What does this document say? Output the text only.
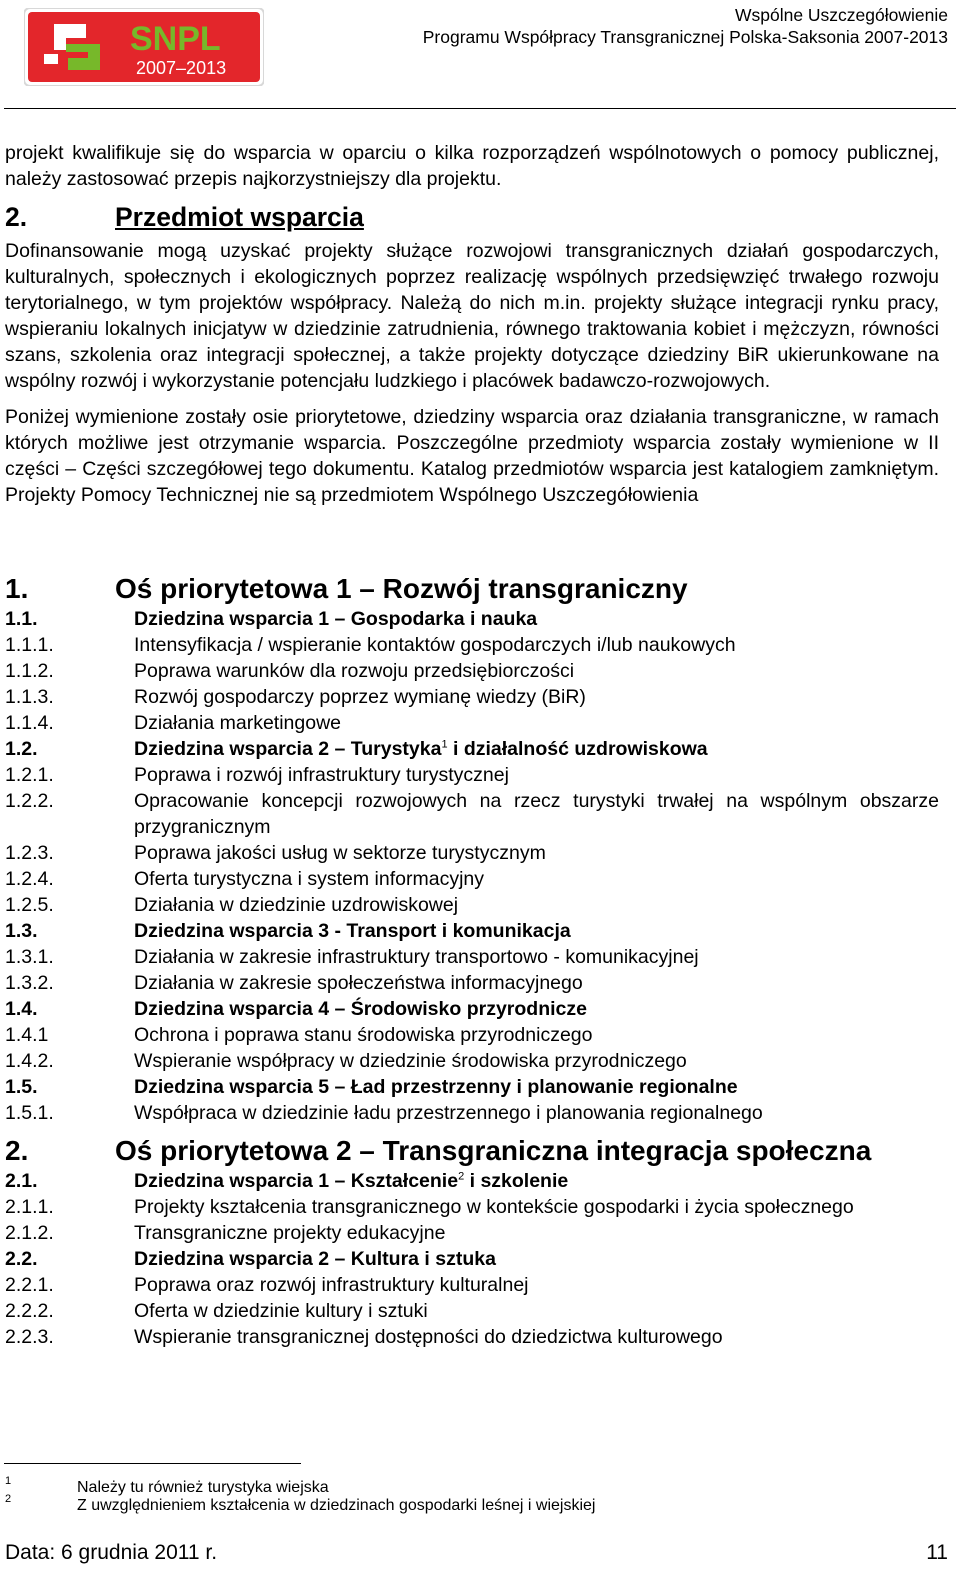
SNPL
2007–2013
Wspólne Uszczegółowienie
Programu Współpracy Transgranicznej Polska-Saksonia 2007-2013

projekt kwalifikuje się do wsparcia w oparciu o kilka rozporządzeń wspólnotowych o pomocy publicznej, należy zastosować przepis najkorzystniejszy dla projektu.

2.	Przedmiot wsparcia

Dofinansowanie mogą uzyskać projekty służące rozwojowi transgranicznych działań gospodarczych, kulturalnych, społecznych i ekologicznych poprzez realizację wspólnych przedsięwzięć trwałego rozwoju terytorialnego, w tym projektów współpracy. Należą do nich m.in. projekty służące integracji rynku pracy, wspieraniu lokalnych inicjatyw w dziedzinie zatrudnienia, równego traktowania kobiet i mężczyzn, równości szans, szkolenia oraz integracji społecznej, a także projekty dotyczące dziedziny BiR ukierunkowane na wspólny rozwój i wykorzystanie potencjału ludzkiego i placówek badawczo-rozwojowych.

Poniżej wymienione zostały osie priorytetowe, dziedziny wsparcia oraz działania transgraniczne, w ramach których możliwe jest otrzymanie wsparcia. Poszczególne przedmioty wsparcia zostały wymienione w II części – Części szczegółowej tego dokumentu. Katalog przedmiotów wsparcia jest katalogiem zamkniętym. Projekty Pomocy Technicznej nie są przedmiotem Wspólnego Uszczegółowienia

1.	Oś priorytetowa 1 – Rozwój transgraniczny
1.1.	Dziedzina wsparcia 1 – Gospodarka i nauka
1.1.1.	Intensyfikacja / wspieranie kontaktów gospodarczych i/lub naukowych
1.1.2.	Poprawa warunków dla rozwoju przedsiębiorczości
1.1.3.	Rozwój gospodarczy poprzez wymianę wiedzy (BiR)
1.1.4.	Działania marketingowe
1.2.	Dziedzina wsparcia 2 – Turystyka$^1$ i działalność uzdrowiskowa
1.2.1.	Poprawa i rozwój infrastruktury turystycznej
1.2.2.	Opracowanie koncepcji rozwojowych na rzecz turystyki trwałej na wspólnym obszarze przygranicznym
1.2.3.	Poprawa jakości usług w sektorze turystycznym
1.2.4.	Oferta turystyczna i system informacyjny
1.2.5.	Działania w dziedzinie uzdrowiskowej
1.3.	Dziedzina wsparcia 3 - Transport i komunikacja
1.3.1.	Działania w zakresie infrastruktury transportowo - komunikacyjnej
1.3.2.	Działania w zakresie społeczeństwa informacyjnego
1.4.	Dziedzina wsparcia 4 – Środowisko przyrodnicze
1.4.1	Ochrona i poprawa stanu środowiska przyrodniczego
1.4.2.	Wspieranie współpracy w dziedzinie środowiska przyrodniczego
1.5.	Dziedzina wsparcia 5 – Ład przestrzenny i planowanie regionalne
1.5.1.	Współpraca w dziedzinie ładu przestrzennego i planowania regionalnego
2.	Oś priorytetowa 2 – Transgraniczna integracja społeczna
2.1.	Dziedzina wsparcia 1 – Kształcenie$^2$ i szkolenie
2.1.1.	Projekty kształcenia transgranicznego w kontekście gospodarki i życia społecznego
2.1.2.	Transgraniczne projekty edukacyjne
2.2.	Dziedzina wsparcia 2 – Kultura i sztuka
2.2.1.	Poprawa oraz rozwój infrastruktury kulturalnej
2.2.2.	Oferta w dziedzinie kultury i sztuki
2.2.3.	Wspieranie transgranicznej dostępności do dziedzictwa kulturowego
1	Należy tu również turystyka wiejska
2	Z uwzględnieniem kształcenia w dziedzinach gospodarki leśnej i wiejskiej
Data: 6 grudnia 2011 r.	11
